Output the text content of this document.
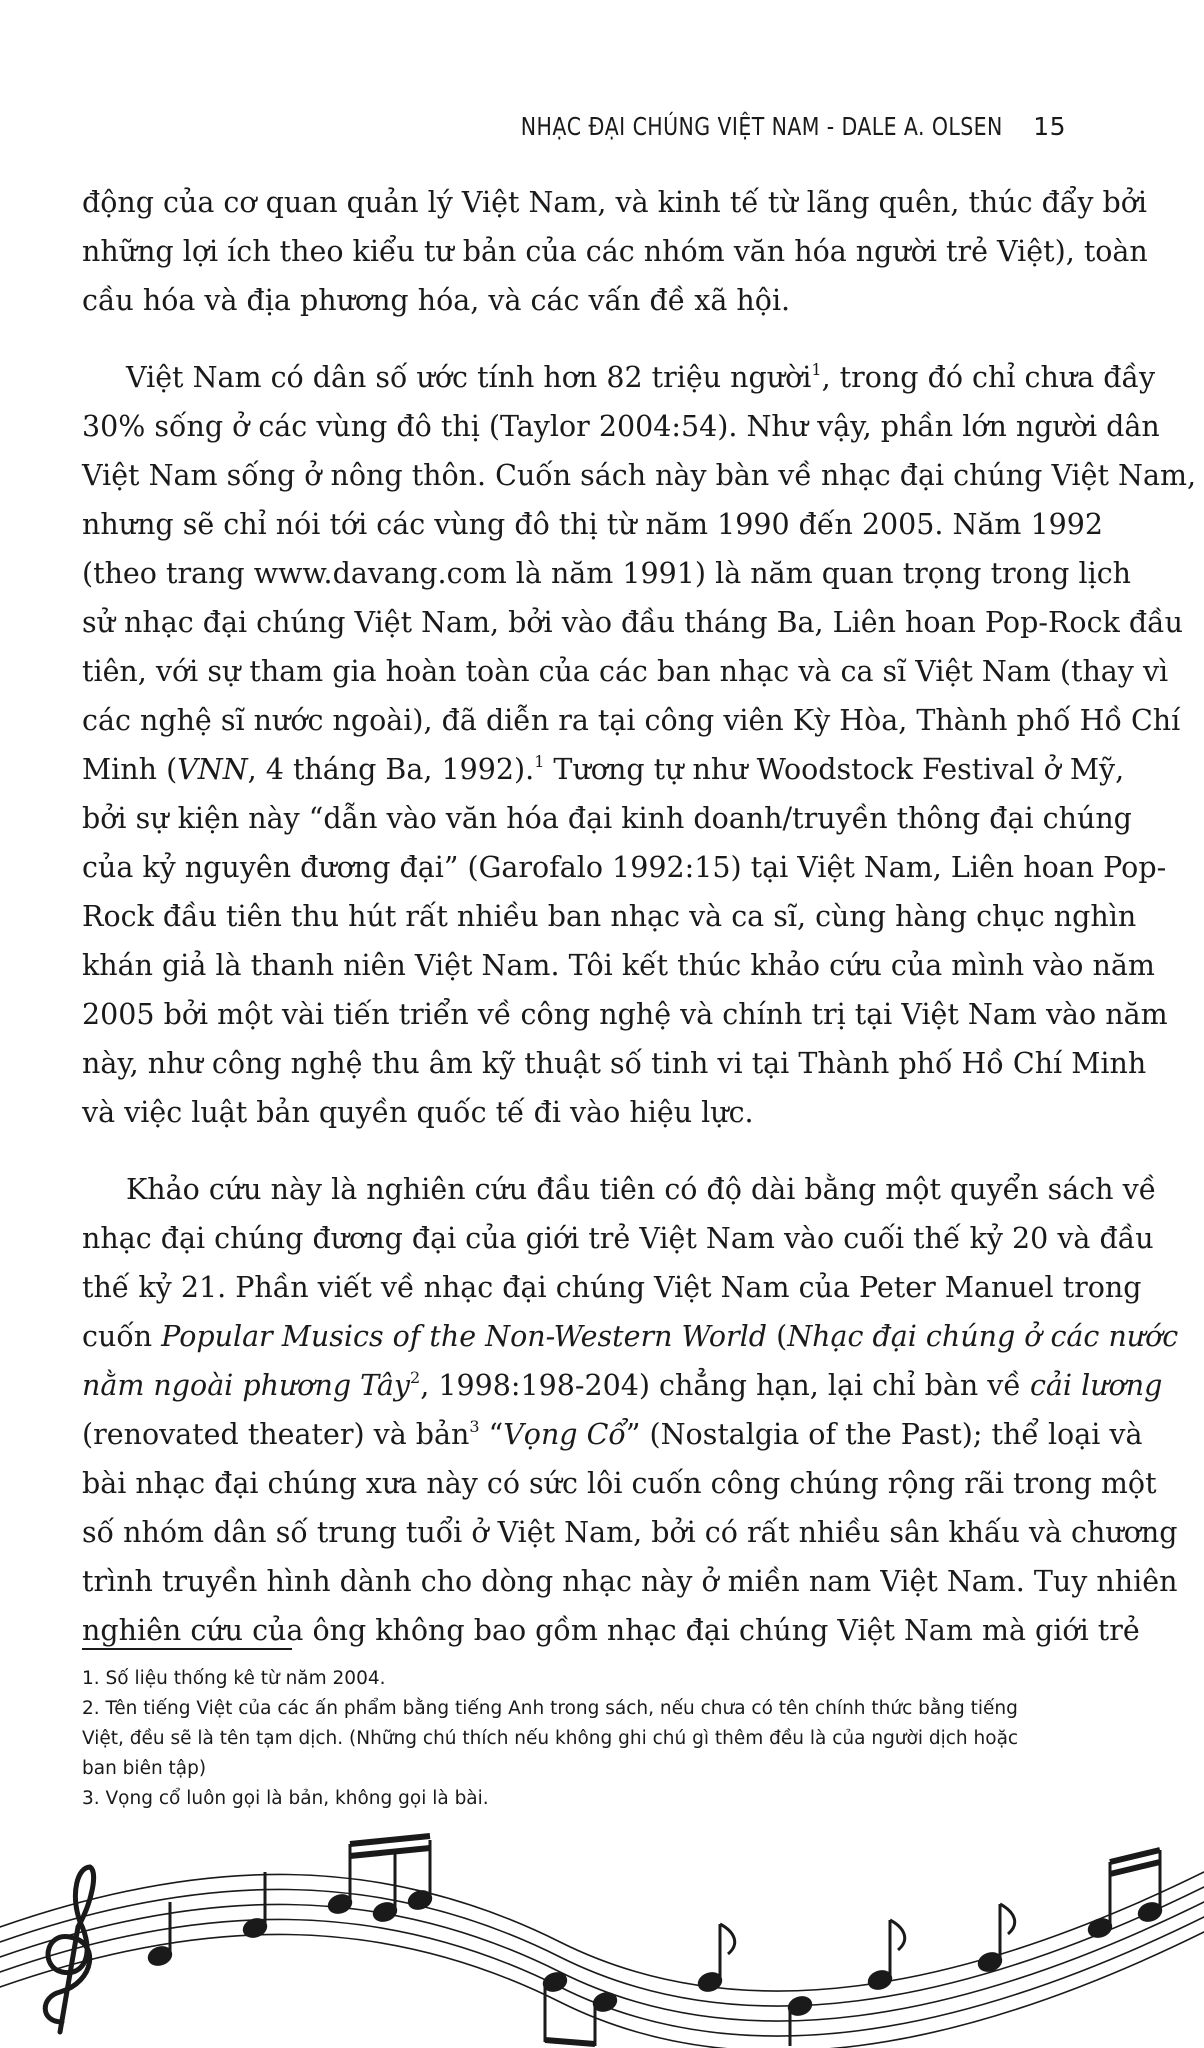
NHẠC ĐẠI CHÚNG VIỆT NAM - DALE A. OLSEN 15
động của cơ quan quản lý Việt Nam, và kinh tế từ lãng quên, thúc đẩy bởi
những lợi ích theo kiểu tư bản của các nhóm văn hóa người trẻ Việt), toàn
cầu hóa và địa phương hóa, và các vấn đề xã hội.
Việt Nam có dân số ước tính hơn 82 triệu người$^1$, trong đó chỉ chưa đầy
30% sống ở các vùng đô thị (Taylor 2004:54). Như vậy, phần lớn người dân
Việt Nam sống ở nông thôn. Cuốn sách này bàn về nhạc đại chúng Việt Nam,
nhưng sẽ chỉ nói tới các vùng đô thị từ năm 1990 đến 2005. Năm 1992
(theo trang www.davang.com là năm 1991) là năm quan trọng trong lịch
sử nhạc đại chúng Việt Nam, bởi vào đầu tháng Ba, Liên hoan Pop-Rock đầu
tiên, với sự tham gia hoàn toàn của các ban nhạc và ca sĩ Việt Nam (thay vì
các nghệ sĩ nước ngoài), đã diễn ra tại công viên Kỳ Hòa, Thành phố Hồ Chí
Minh (VNN, 4 tháng Ba, 1992).$^1$ Tương tự như Woodstock Festival ở Mỹ,
bởi sự kiện này “dẫn vào văn hóa đại kinh doanh/truyền thông đại chúng
của kỷ nguyên đương đại” (Garofalo 1992:15) tại Việt Nam, Liên hoan Pop-
Rock đầu tiên thu hút rất nhiều ban nhạc và ca sĩ, cùng hàng chục nghìn
khán giả là thanh niên Việt Nam. Tôi kết thúc khảo cứu của mình vào năm
2005 bởi một vài tiến triển về công nghệ và chính trị tại Việt Nam vào năm
này, như công nghệ thu âm kỹ thuật số tinh vi tại Thành phố Hồ Chí Minh
và việc luật bản quyền quốc tế đi vào hiệu lực.
Khảo cứu này là nghiên cứu đầu tiên có độ dài bằng một quyển sách về
nhạc đại chúng đương đại của giới trẻ Việt Nam vào cuối thế kỷ 20 và đầu
thế kỷ 21. Phần viết về nhạc đại chúng Việt Nam của Peter Manuel trong
cuốn Popular Musics of the Non-Western World (Nhạc đại chúng ở các nước
nằm ngoài phương Tây$^2$, 1998:198-204) chẳng hạn, lại chỉ bàn về cải lương
(renovated theater) và bản$^3$ “Vọng Cổ” (Nostalgia of the Past); thể loại và
bài nhạc đại chúng xưa này có sức lôi cuốn công chúng rộng rãi trong một
số nhóm dân số trung tuổi ở Việt Nam, bởi có rất nhiều sân khấu và chương
trình truyền hình dành cho dòng nhạc này ở miền nam Việt Nam. Tuy nhiên
nghiên cứu của ông không bao gồm nhạc đại chúng Việt Nam mà giới trẻ
1. Số liệu thống kê từ năm 2004.
2. Tên tiếng Việt của các ấn phẩm bằng tiếng Anh trong sách, nếu chưa có tên chính thức bằng tiếng
Việt, đều sẽ là tên tạm dịch. (Những chú thích nếu không ghi chú gì thêm đều là của người dịch hoặc
ban biên tập)
3. Vọng cổ luôn gọi là bản, không gọi là bài.
